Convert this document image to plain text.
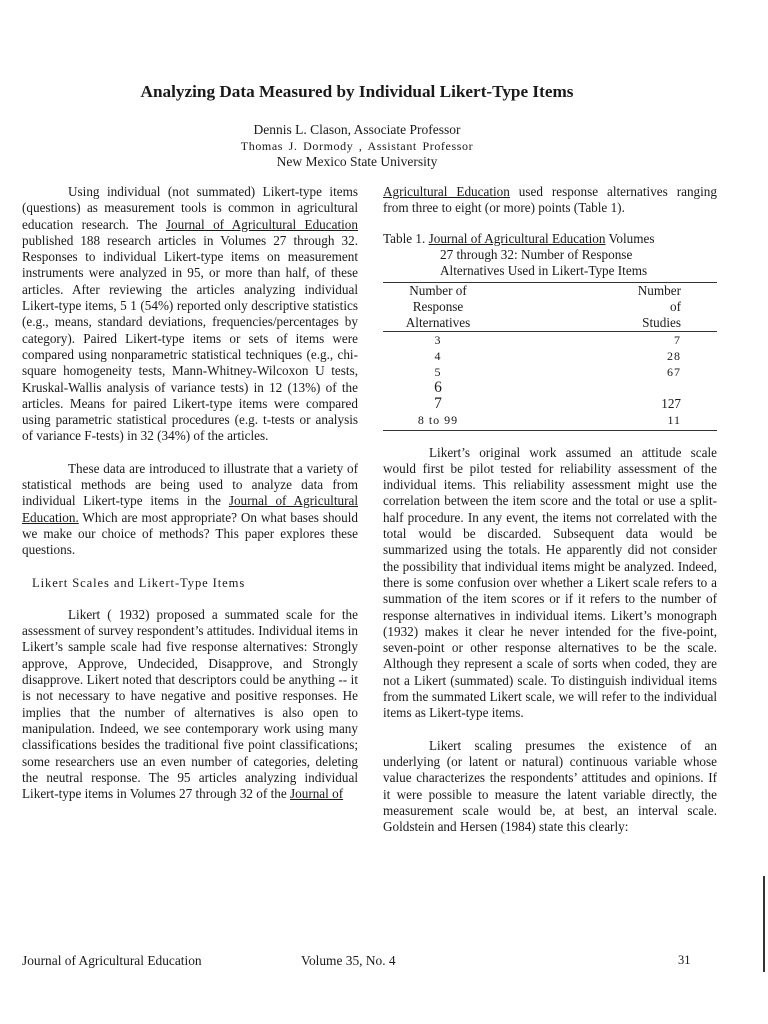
Analyzing Data Measured by Individual Likert-Type Items
Dennis L. Clason, Associate Professor
Thomas J. Dormody , Assistant Professor
New Mexico State University

Using individual (not summated) Likert-type items (questions) as measurement tools is common in agricultural education research. The Journal of Agricultural Education published 188 research articles in Volumes 27 through 32. Responses to individual Likert-type items on measurement instruments were analyzed in 95, or more than half, of these articles. After reviewing the articles analyzing individual Likert-type items, 5 1 (54%) reported only descriptive statistics (e.g., means, standard deviations, frequencies/percentages by category). Paired Likert-type items or sets of items were compared using nonparametric statistical techniques (e.g., chi-square homogeneity tests, Mann-Whitney-Wilcoxon U tests, Kruskal-Wallis analysis of variance tests) in 12 (13%) of the articles. Means for paired Likert-type items were compared using parametric statistical procedures (e.g. t-tests or analysis of variance F-tests) in 32 (34%) of the articles.

These data are introduced to illustrate that a variety of statistical methods are being used to analyze data from individual Likert-type items in the Journal of Agricultural Education. Which are most appropriate? On what bases should we make our choice of methods? This paper explores these questions.

Likert Scales and Likert-Type Items

Likert ( 1932) proposed a summated scale for the assessment of survey respondent’s attitudes. Individual items in Likert’s sample scale had five response alternatives: Strongly approve, Approve, Undecided, Disapprove, and Strongly disapprove. Likert noted that descriptors could be anything -- it is not necessary to have negative and positive responses. He implies that the number of alternatives is also open to manipulation. Indeed, we see contemporary work using many classifications besides the traditional five point classifications; some researchers use an even number of categories, deleting the neutral response. The 95 articles analyzing individual Likert-type items in Volumes 27 through 32 of the Journal of

Agricultural Education used response alternatives ranging from three to eight (or more) points (Table 1).

Table 1. Journal of Agricultural Education Volumes
27 through 32: Number of Response
Alternatives Used in Likert-Type Items
Number of	Number
Response	of
Alternatives	Studies
3	7
4	28
5	67
6	
7	127
8 to 99	11

Likert’s original work assumed an attitude scale would first be pilot tested for reliability assessment of the individual items. This reliability assessment might use the correlation between the item score and the total or use a split-half procedure. In any event, the items not correlated with the total would be discarded. Subsequent data would be summarized using the totals. He apparently did not consider the possibility that individual items might be analyzed. Indeed, there is some confusion over whether a Likert scale refers to a summation of the item scores or if it refers to the number of response alternatives in individual items. Likert’s monograph (1932) makes it clear he never intended for the five-point, seven-point or other response alternatives to be the scale. Although they represent a scale of sorts when coded, they are not a Likert (summated) scale. To distinguish individual items from the summated Likert scale, we will refer to the individual items as Likert-type items.

Likert scaling presumes the existence of an underlying (or latent or natural) continuous variable whose value characterizes the respondents’ attitudes and opinions. If it were possible to measure the latent variable directly, the measurement scale would be, at best, an interval scale. Goldstein and Hersen (1984) state this clearly:

Journal of Agricultural Education	Volume 35, No. 4	31
